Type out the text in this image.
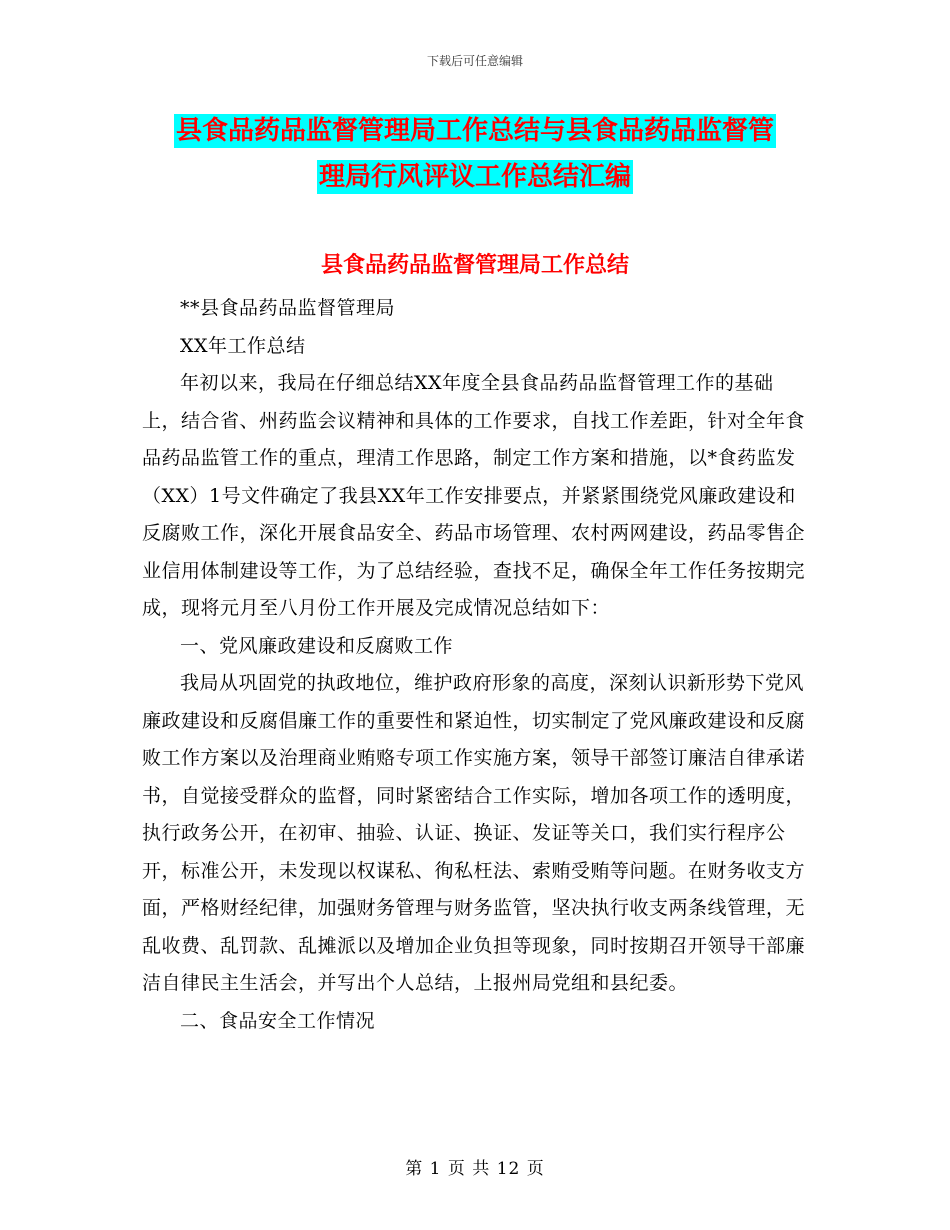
下载后可任意编辑
县食品药品监督管理局工作总结与县食品药品监督管
理局行风评议工作总结汇编
县食品药品监督管理局工作总结

**县食品药品监督管理局

XX年工作总结

年初以来，我局在仔细总结XX年度全县食品药品监督管理工作的基础上，结合省、州药监会议精神和具体的工作要求，自找工作差距，针对全年食品药品监管工作的重点，理清工作思路，制定工作方案和措施，以*食药监发（XX）1号文件确定了我县XX年工作安排要点，并紧紧围绕党风廉政建设和反腐败工作，深化开展食品安全、药品市场管理、农村两网建设，药品零售企业信用体制建设等工作，为了总结经验，查找不足，确保全年工作任务按期完成，现将元月至八月份工作开展及完成情况总结如下：

一、党风廉政建设和反腐败工作

我局从巩固党的执政地位，维护政府形象的高度，深刻认识新形势下党风廉政建设和反腐倡廉工作的重要性和紧迫性，切实制定了党风廉政建设和反腐败工作方案以及治理商业贿赂专项工作实施方案，领导干部签订廉洁自律承诺书，自觉接受群众的监督，同时紧密结合工作实际，增加各项工作的透明度，执行政务公开，在初审、抽验、认证、换证、发证等关口，我们实行程序公开，标准公开，未发现以权谋私、徇私枉法、索贿受贿等问题。在财务收支方面，严格财经纪律，加强财务管理与财务监管，坚决执行收支两条线管理，无乱收费、乱罚款、乱摊派以及增加企业负担等现象，同时按期召开领导干部廉洁自律民主生活会，并写出个人总结，上报州局党组和县纪委。

二、食品安全工作情况

第 1 页 共 12 页
